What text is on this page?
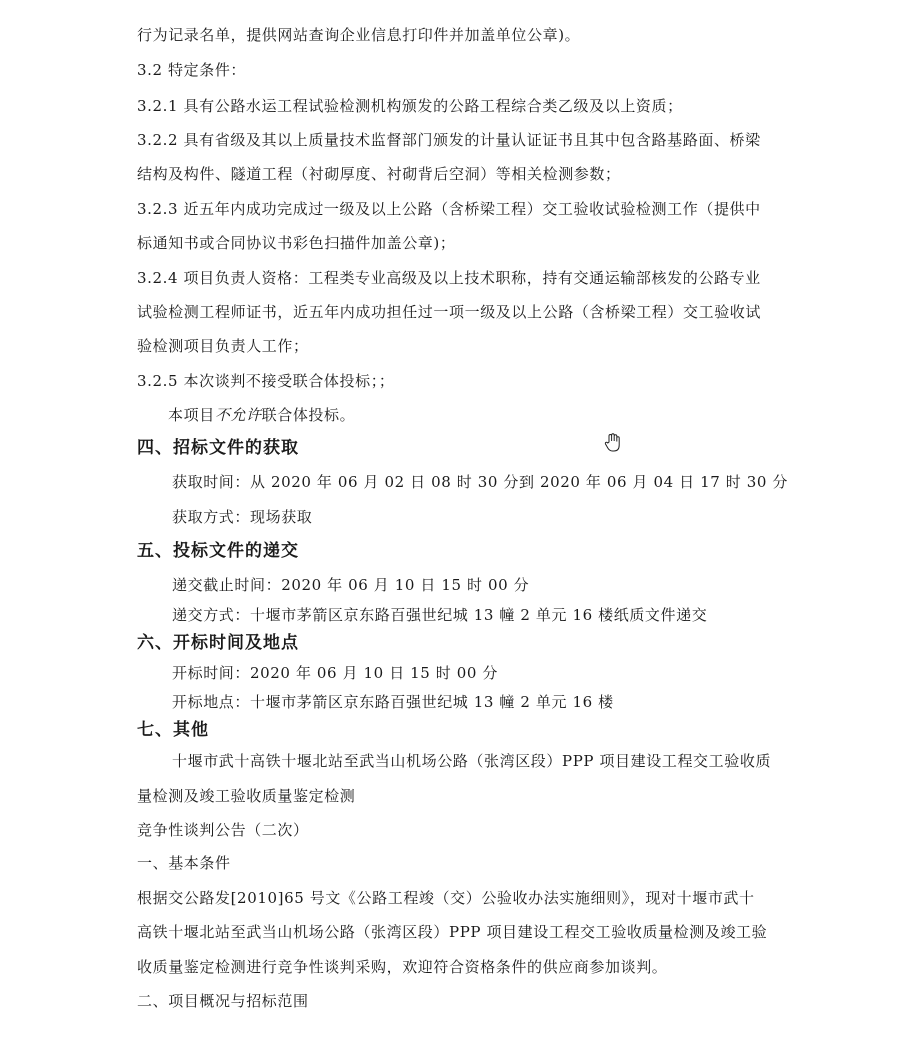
行为记录名单，提供网站查询企业信息打印件并加盖单位公章)。
3.2 特定条件：
3.2.1 具有公路水运工程试验检测机构颁发的公路工程综合类乙级及以上资质；
3.2.2 具有省级及其以上质量技术监督部门颁发的计量认证证书且其中包含路基路面、桥梁
结构及构件、隧道工程（衬砌厚度、衬砌背后空洞）等相关检测参数；
3.2.3 近五年内成功完成过一级及以上公路（含桥梁工程）交工验收试验检测工作（提供中
标通知书或合同协议书彩色扫描件加盖公章)；
3.2.4 项目负责人资格：工程类专业高级及以上技术职称，持有交通运输部核发的公路专业
试验检测工程师证书，近五年内成功担任过一项一级及以上公路（含桥梁工程）交工验收试
验检测项目负责人工作；
3.2.5 本次谈判不接受联合体投标；；
本项目不允许联合体投标。
四、招标文件的获取
获取时间：从 2020 年 06 月 02 日 08 时 30 分到 2020 年 06 月 04 日 17 时 30 分
获取方式：现场获取
五、投标文件的递交
递交截止时间：2020 年 06 月 10 日 15 时 00 分
递交方式：十堰市茅箭区京东路百强世纪城 13 幢 2 单元 16 楼纸质文件递交
六、开标时间及地点
开标时间：2020 年 06 月 10 日 15 时 00 分
开标地点：十堰市茅箭区京东路百强世纪城 13 幢 2 单元 16 楼
七、其他
十堰市武十高铁十堰北站至武当山机场公路（张湾区段）PPP 项目建设工程交工验收质
量检测及竣工验收质量鉴定检测
竞争性谈判公告（二次）
一、基本条件
根据交公路发[2010]65 号文《公路工程竣（交）公验收办法实施细则》，现对十堰市武十
高铁十堰北站至武当山机场公路（张湾区段）PPP 项目建设工程交工验收质量检测及竣工验
收质量鉴定检测进行竞争性谈判采购，欢迎符合资格条件的供应商参加谈判。
二、项目概况与招标范围
